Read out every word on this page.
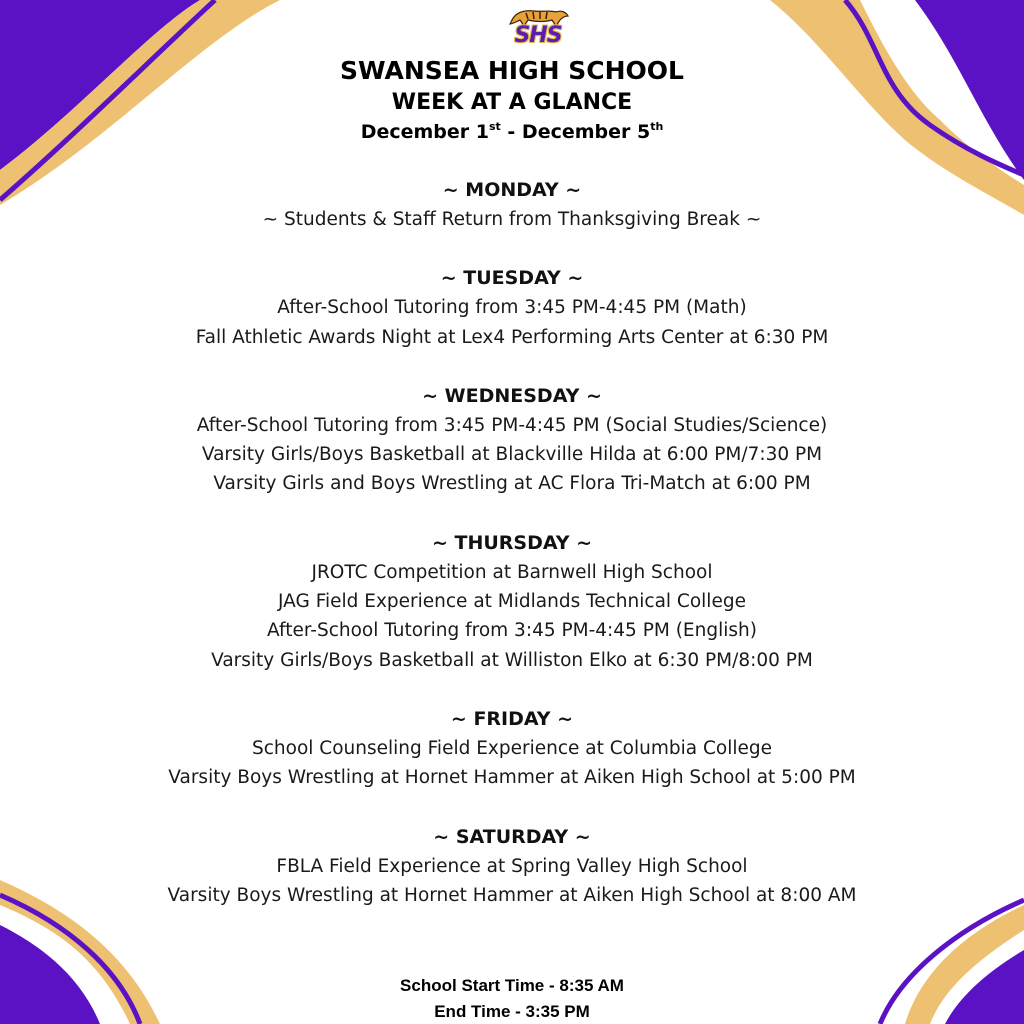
SHS
SWANSEA HIGH SCHOOL
WEEK AT A GLANCE
December 1st - December 5th
~ MONDAY ~
~ Students & Staff Return from Thanksgiving Break ~
~ TUESDAY ~
After-School Tutoring from 3:45 PM-4:45 PM (Math)
Fall Athletic Awards Night at Lex4 Performing Arts Center at 6:30 PM
~ WEDNESDAY ~
After-School Tutoring from 3:45 PM-4:45 PM (Social Studies/Science)
Varsity Girls/Boys Basketball at Blackville Hilda at 6:00 PM/7:30 PM
Varsity Girls and Boys Wrestling at AC Flora Tri-Match at 6:00 PM
~ THURSDAY ~
JROTC Competition at Barnwell High School
JAG Field Experience at Midlands Technical College
After-School Tutoring from 3:45 PM-4:45 PM (English)
Varsity Girls/Boys Basketball at Williston Elko at 6:30 PM/8:00 PM
~ FRIDAY ~
School Counseling Field Experience at Columbia College
Varsity Boys Wrestling at Hornet Hammer at Aiken High School at 5:00 PM
~ SATURDAY ~
FBLA Field Experience at Spring Valley High School
Varsity Boys Wrestling at Hornet Hammer at Aiken High School at 8:00 AM
School Start Time - 8:35 AM
End Time - 3:35 PM
